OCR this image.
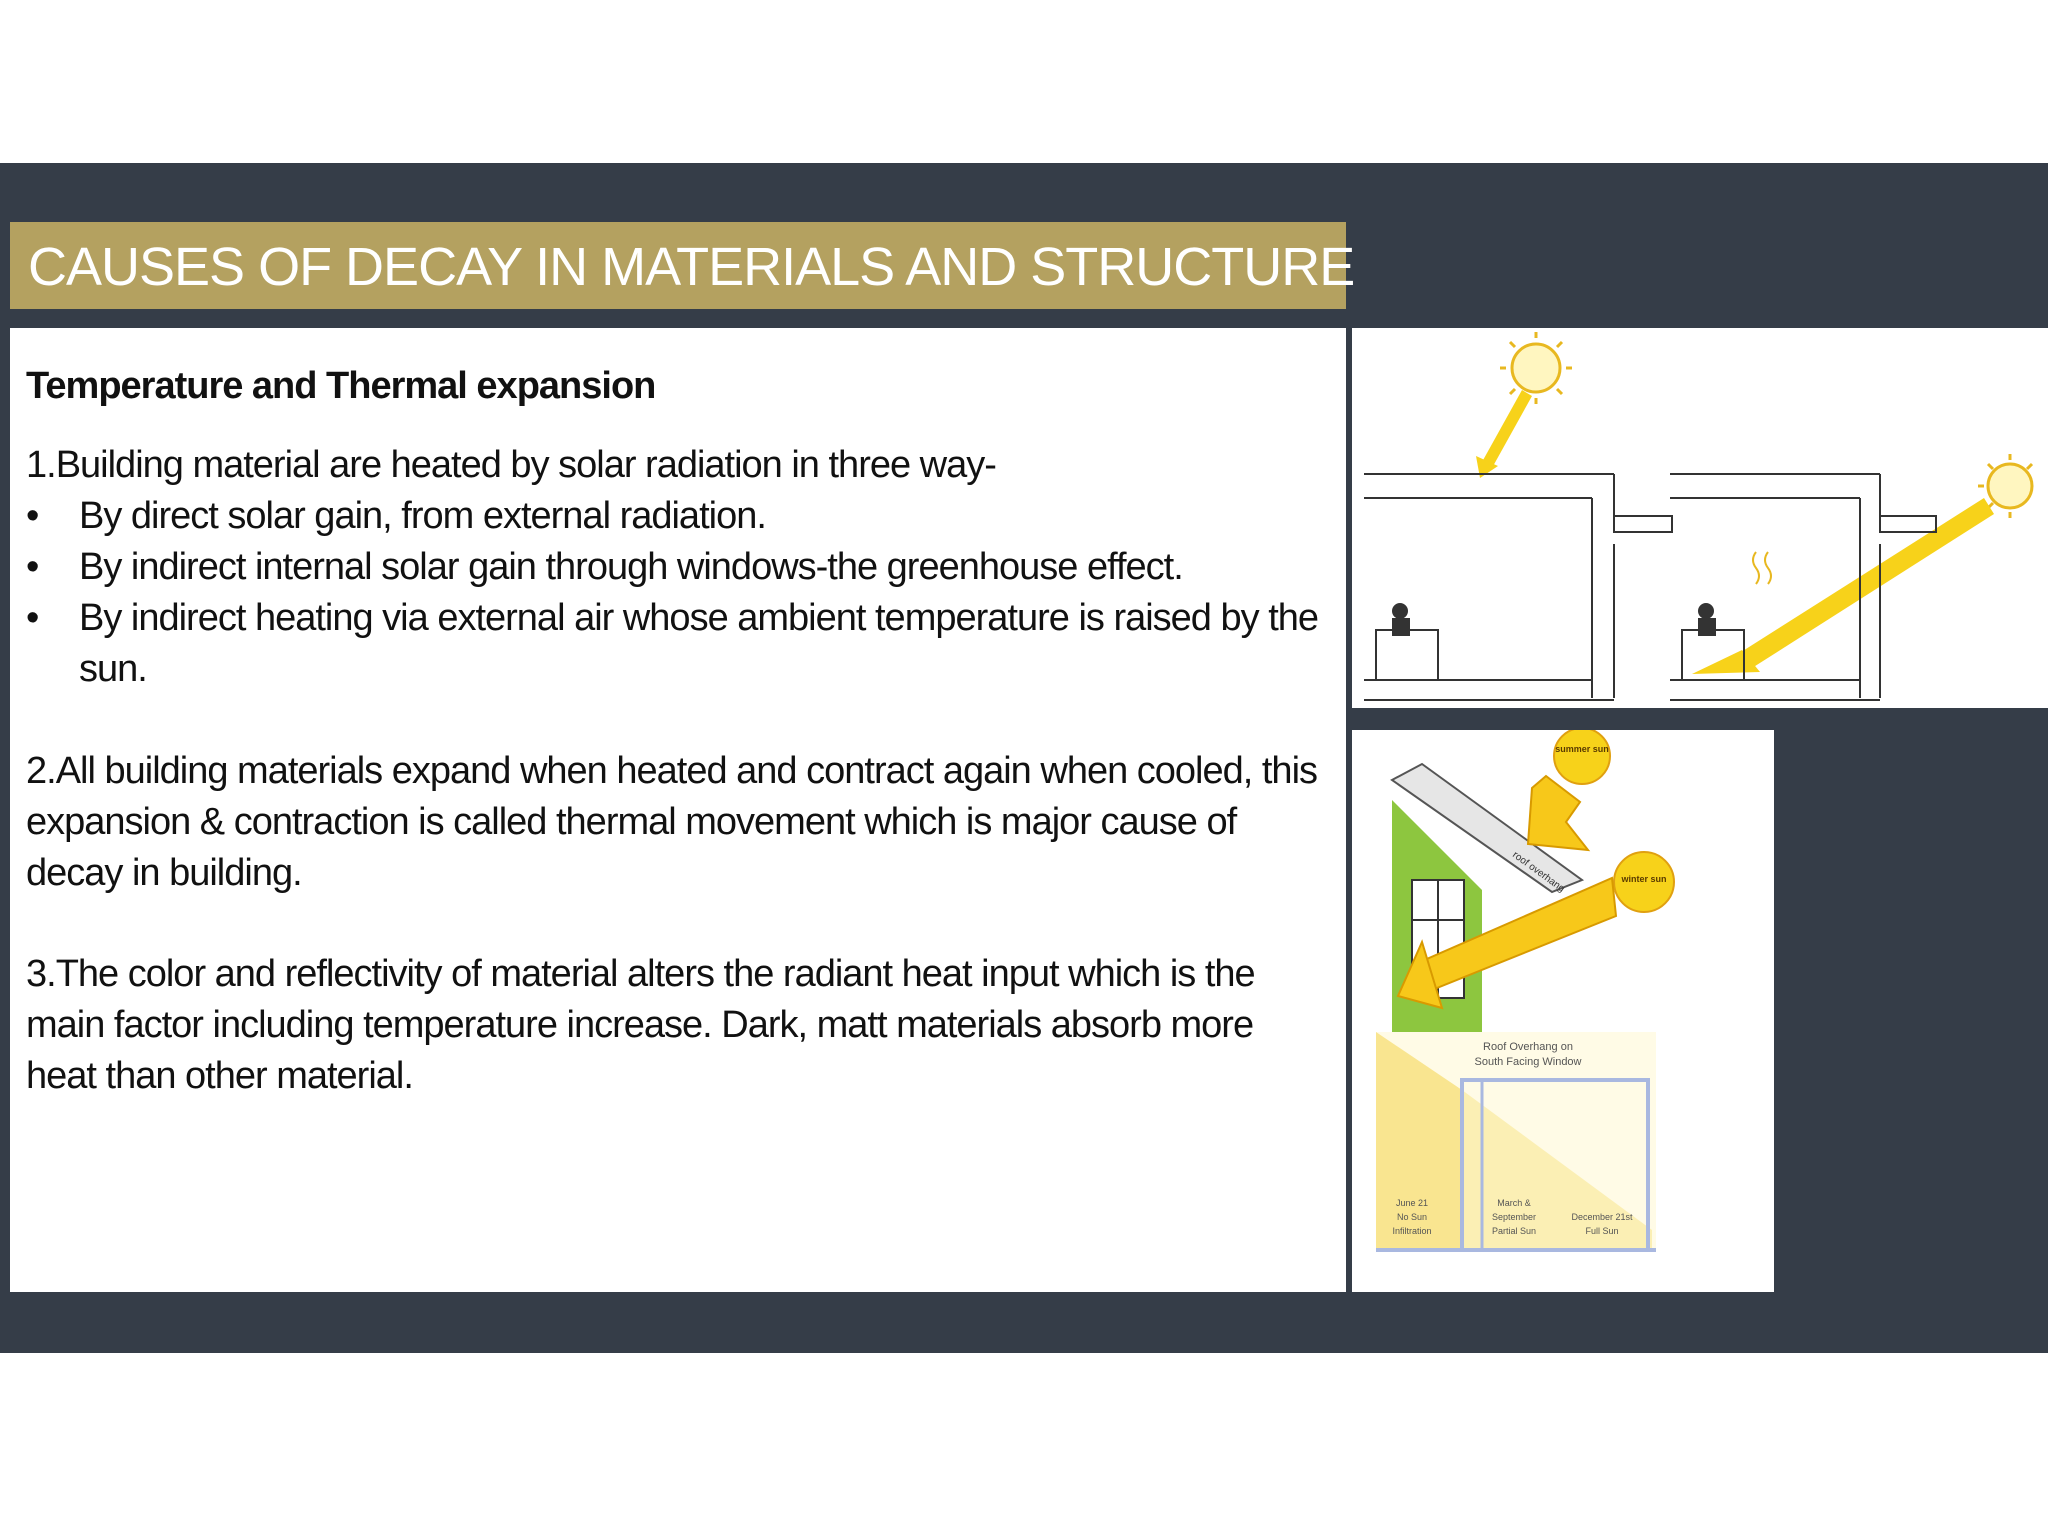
CAUSES OF DECAY IN MATERIALS AND STRUCTURE
Temperature and Thermal expansion
1.Building material are heated by solar radiation in three way-
• By direct solar gain, from external radiation.
• By indirect internal solar gain through windows-the greenhouse effect.
• By indirect heating via external air whose ambient temperature is raised by the sun.
2.All building materials expand when heated and contract again when cooled, this expansion & contraction is called thermal movement which is major cause of decay in building.
3.The color and reflectivity of material alters the radiant heat input which is the main factor including temperature increase. Dark, matt materials absorb more heat than other material.
roof overhang
summer sun
winter sun
Roof Overhang on
South Facing Window
June 21
No Sun
Infiltration
March &
September
Partial Sun
December 21st
Full Sun
